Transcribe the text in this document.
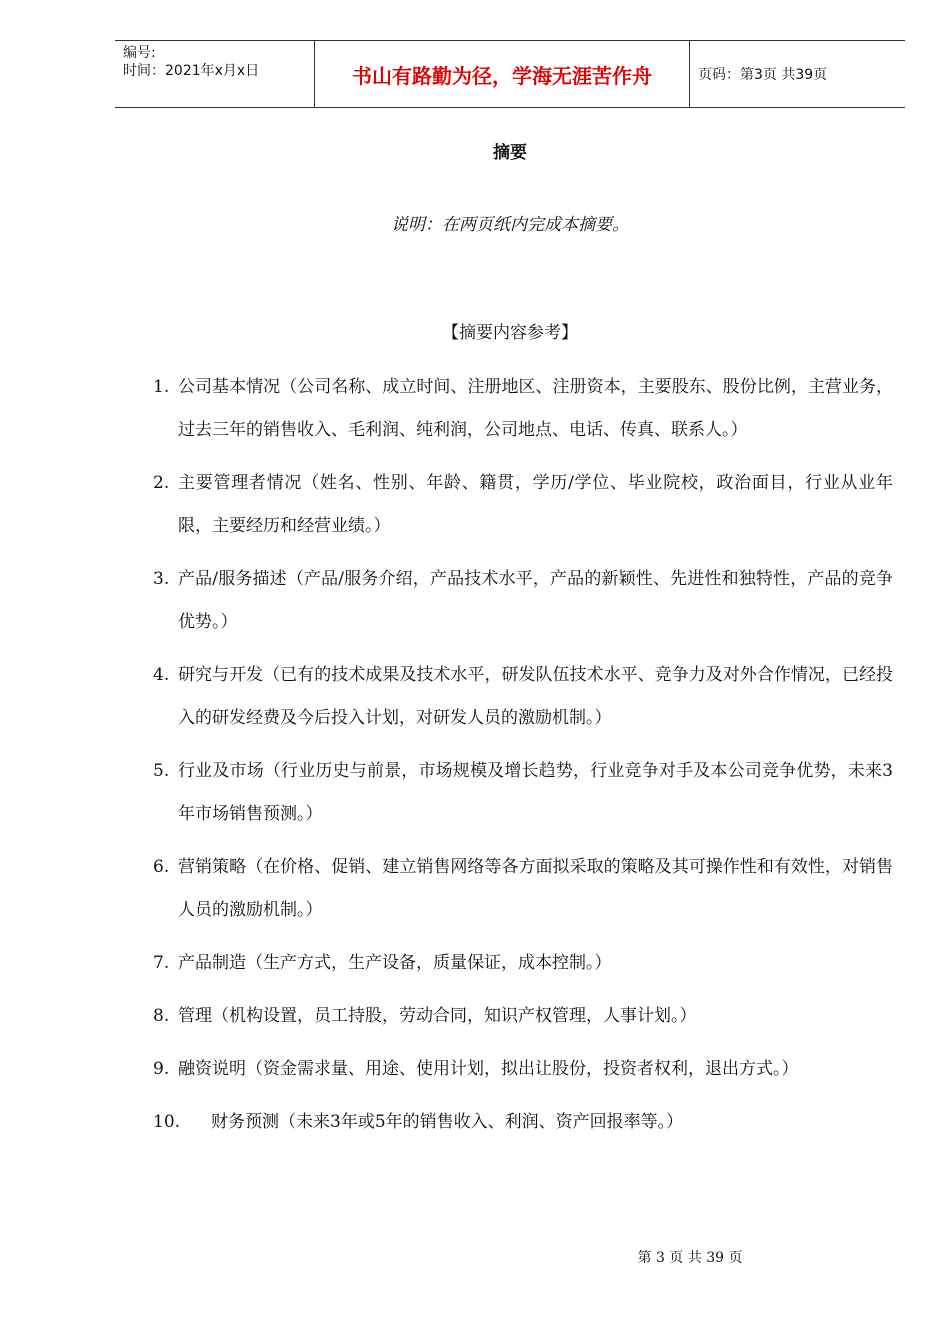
编号:
时间：2021年x月x日	书山有路勤为径，学海无涯苦作舟	页码：第3页 共39页
摘要
说明：在两页纸内完成本摘要。
【摘要内容参考】
1. 公司基本情况（公司名称、成立时间、注册地区、注册资本，主要股东、股份比例，主营业务，过去三年的销售收入、毛利润、纯利润，公司地点、电话、传真、联系人。）
2. 主要管理者情况（姓名、性别、年龄、籍贯，学历/学位、毕业院校，政治面目，行业从业年限，主要经历和经营业绩。）
3. 产品/服务描述（产品/服务介绍，产品技术水平，产品的新颖性、先进性和独特性，产品的竞争优势。）
4. 研究与开发（已有的技术成果及技术水平，研发队伍技术水平、竞争力及对外合作情况，已经投入的研发经费及今后投入计划，对研发人员的激励机制。）
5. 行业及市场（行业历史与前景，市场规模及增长趋势，行业竞争对手及本公司竞争优势，未来3年市场销售预测。）
6. 营销策略（在价格、促销、建立销售网络等各方面拟采取的策略及其可操作性和有效性，对销售人员的激励机制。）
7. 产品制造（生产方式，生产设备，质量保证，成本控制。）
8. 管理（机构设置，员工持股，劳动合同，知识产权管理，人事计划。）
9. 融资说明（资金需求量、用途、使用计划，拟出让股份，投资者权利，退出方式。）
10.	财务预测（未来3年或5年的销售收入、利润、资产回报率等。）
第 3 页 共 39 页
